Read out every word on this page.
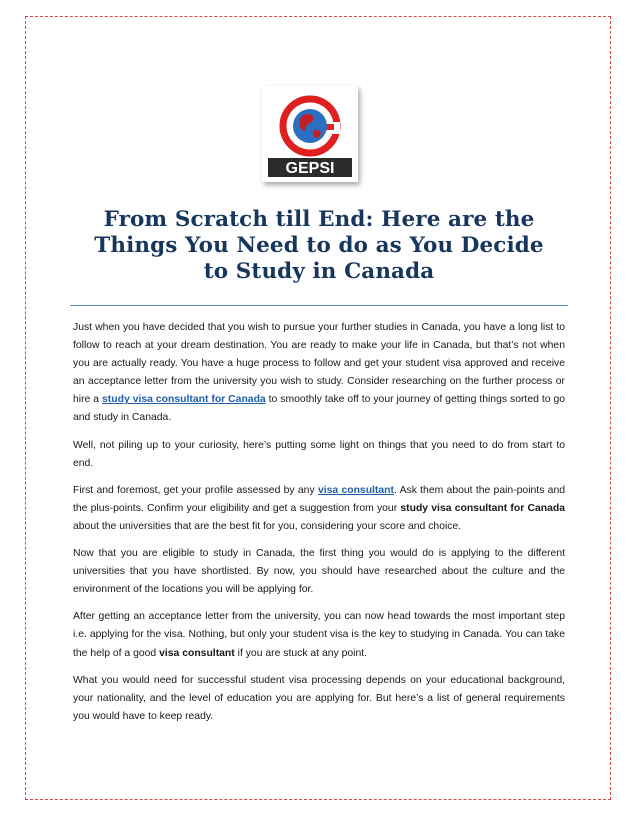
GEPSI
From Scratch till End: Here are the
Things You Need to do as You Decide
to Study in Canada

Just when you have decided that you wish to pursue your further studies in Canada, you have a long list to follow to reach at your dream destination. You are ready to make your life in Canada, but that’s not when you are actually ready. You have a huge process to follow and get your student visa approved and receive an acceptance letter from the university you wish to study. Consider researching on the further process or hire a study visa consultant for Canada to smoothly take off to your journey of getting things sorted to go and study in Canada.

Well, not piling up to your curiosity, here’s putting some light on things that you need to do from start to end.

First and foremost, get your profile assessed by any visa consultant. Ask them about the pain-points and the plus-points. Confirm your eligibility and get a suggestion from your study visa consultant for Canada about the universities that are the best fit for you, considering your score and choice.

Now that you are eligible to study in Canada, the first thing you would do is applying to the different universities that you have shortlisted. By now, you should have researched about the culture and the environment of the locations you will be applying for.

After getting an acceptance letter from the university, you can now head towards the most important step i.e. applying for the visa. Nothing, but only your student visa is the key to studying in Canada. You can take the help of a good visa consultant if you are stuck at any point.

What you would need for successful student visa processing depends on your educational background, your nationality, and the level of education you are applying for. But here’s a list of general requirements you would have to keep ready.
